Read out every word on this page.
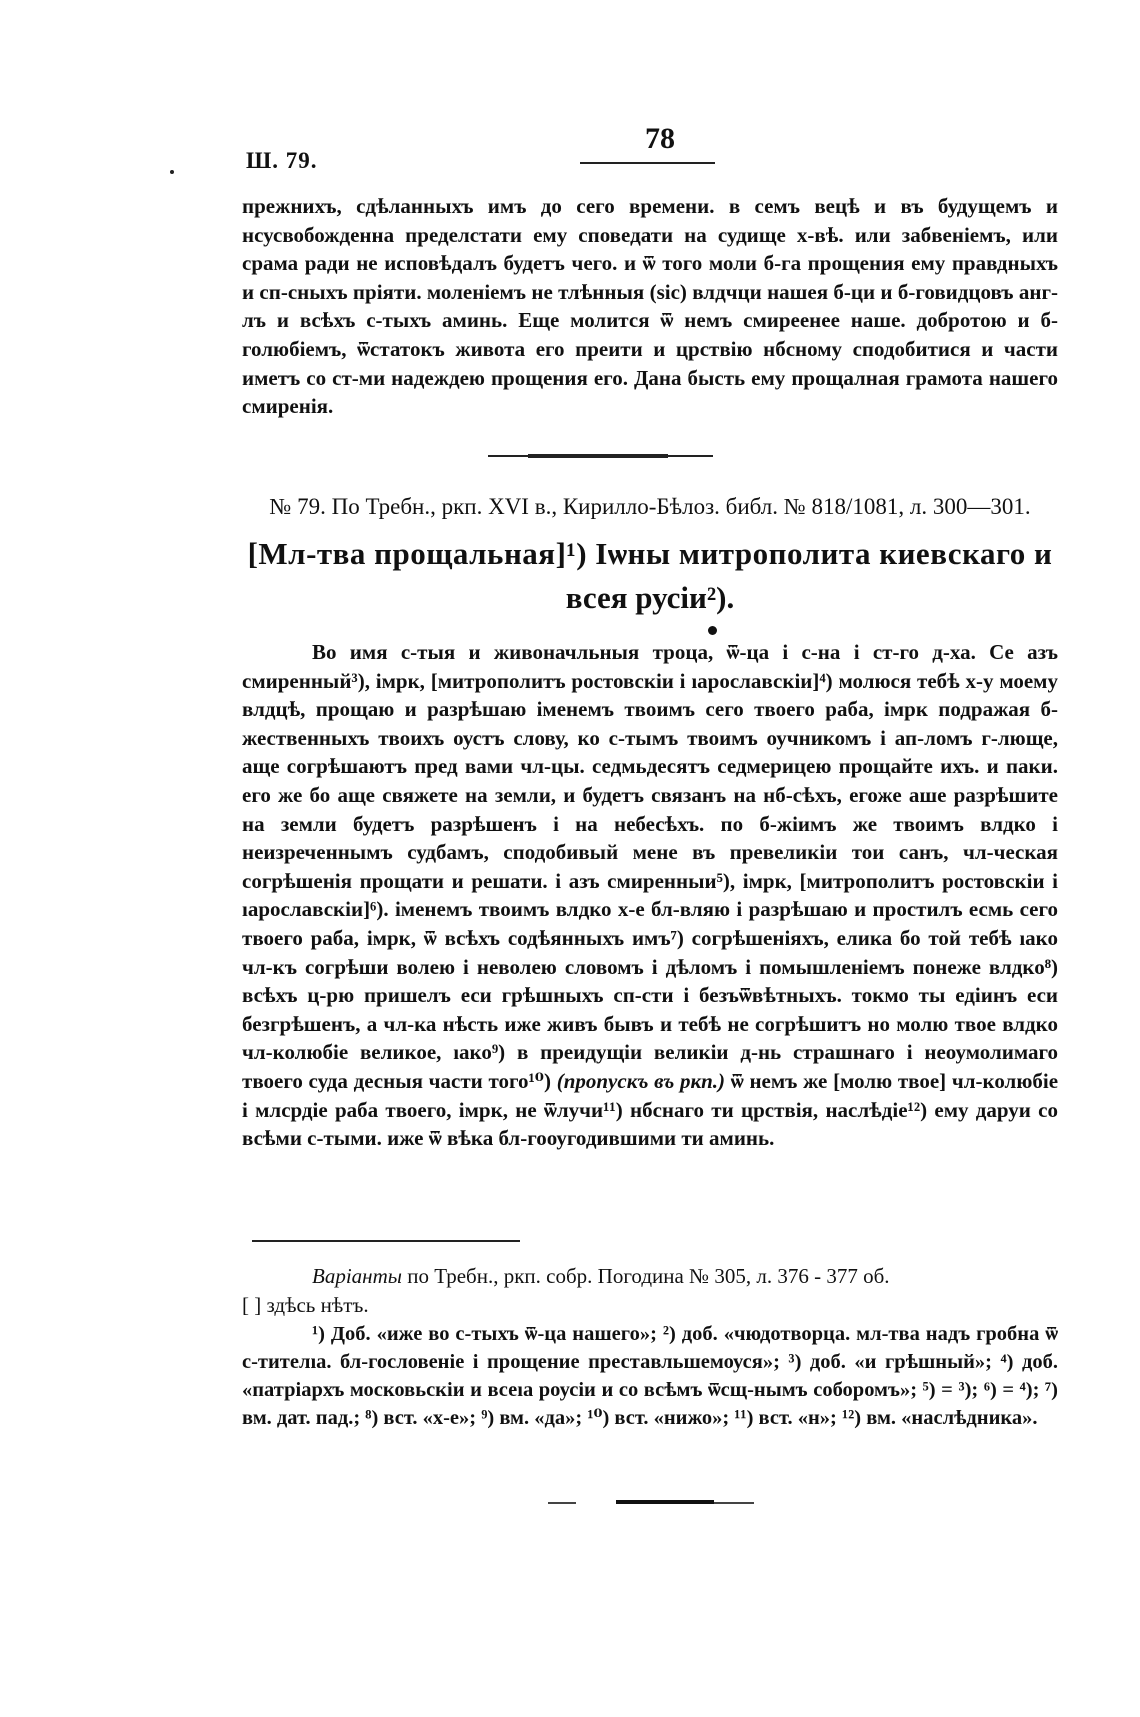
Ш. 79.
78
прежнихъ, сдѣланныхъ имъ до сего времени. в семъ вецѣ и въ будущемъ и нсусвобожденна пределстати ему споведати на судище х-вѣ. или забвенiемъ, или срама ради не исповѣдалъ будетъ чего. и ѿ того моли б-га прощения ему правдныхъ и сп-сныхъ прiяти. моленiемъ не тлѣнныя (sic) влдчци нашея б-ци и б-говидцовъ анг-лъ и всѣхъ с-тыхъ аминь. Еще молится ѿ немъ смиреенее наше. добротою и б-голюбiемъ, ѿстатокъ живота его преити и црствiю нбсному сподобитися и части иметъ со ст-ми надеждею прощения его. Дана бысть ему прощалная грамота нашего смиренiя.
№ 79. По Требн., ркп. XVI в., Кирилло-Бѣлоз. библ. № 818/1081, л. 300—301.
[Мл-тва прощальная]¹) Iѡны митрополита киевскаго и
всея русiи²).
Во имя с-тыя и живоначльныя троца, ѿ-ца i с-на i ст-го д-ха. Се азъ смиренный³), iмрк, [митрополитъ ростовскiи i ıарославскiи]⁴) молюся тебѣ х-у моему влдцѣ, прощаю и разрѣшаю iменемъ твоимъ сего твоего раба, iмрк подражая б-жественныхъ твоихъ оустъ слову, ко с-тымъ твоимъ оучникомъ i ап-ломъ г-люще, аще согрѣшаютъ пред вами чл-цы. седмьдесятъ седмерицею прощайте ихъ. и паки. его же бо аще свяжете на земли, и будетъ связанъ на нб-сѣхъ, егоже аше разрѣшите на земли будетъ разрѣшенъ i на небесѣхъ. по б-жiимъ же твоимъ влдко i неизреченнымъ судбамъ, сподобивый мене въ превеликiи тои санъ, чл-ческая согрѣшенiя прощати и решати. i азъ смиренныи⁵), iмрк, [митрополитъ ростовскiи i ıарославскiи]⁶). iменемъ твоимъ влдко х-е бл-вляю i разрѣшаю и простилъ есмь сего твоего раба, iмрк, ѿ всѣхъ содѣянныхъ имъ⁷) согрѣшенiяхъ, елика бо той тебѣ ıако чл-къ согрѣши волею i неволею словомъ i дѣломъ i помышленiемъ понеже влдко⁸) всѣхъ ц-рю пришелъ еси грѣшныхъ сп-сти i безъѿвѣтныхъ. токмо ты едiинъ еси безгрѣшенъ, а чл-ка нѣсть иже живъ бывъ и тебѣ не согрѣшитъ но молю твое влдко чл-колюбiе великое, ıако⁹) в преидущiи великiи д-нь страшнаго i неоумолимаго твоего суда десныя части того¹⁰) (пропускъ въ ркп.) ѿ немъ же [молю твое] чл-колюбiе i млсрдiе раба твоего, iмрк, не ѿлучи¹¹) нбснаго ти црствiя, наслѣдiе¹²) ему даруи со всѣми с-тыми. иже ѿ вѣка бл-гооугодившими ти аминь.
Варiанты по Требн., ркп. собр. Погодина № 305, л. 376 - 377 об.
[ ] здѣсь нѣтъ.
¹) Доб. «иже во с-тыхъ ѿ-ца нашего»; ²) доб. «чюдотворца. мл-тва надъ гробна ѿ с-тителıа. бл-гословенiе i прощение преставльшемоуся»; ³) доб. «и грѣшный»; ⁴) доб. «патрiархъ московьскiи и всеıа роусiи и со всѣмъ ѿсщ-нымъ соборомъ»; ⁵) = ³); ⁶) = ⁴); ⁷) вм. дат. пад.; ⁸) вст. «х-е»; ⁹) вм. «да»; ¹⁰) вст. «нижо»; ¹¹) вст. «н»; ¹²) вм. «наслѣдника».
